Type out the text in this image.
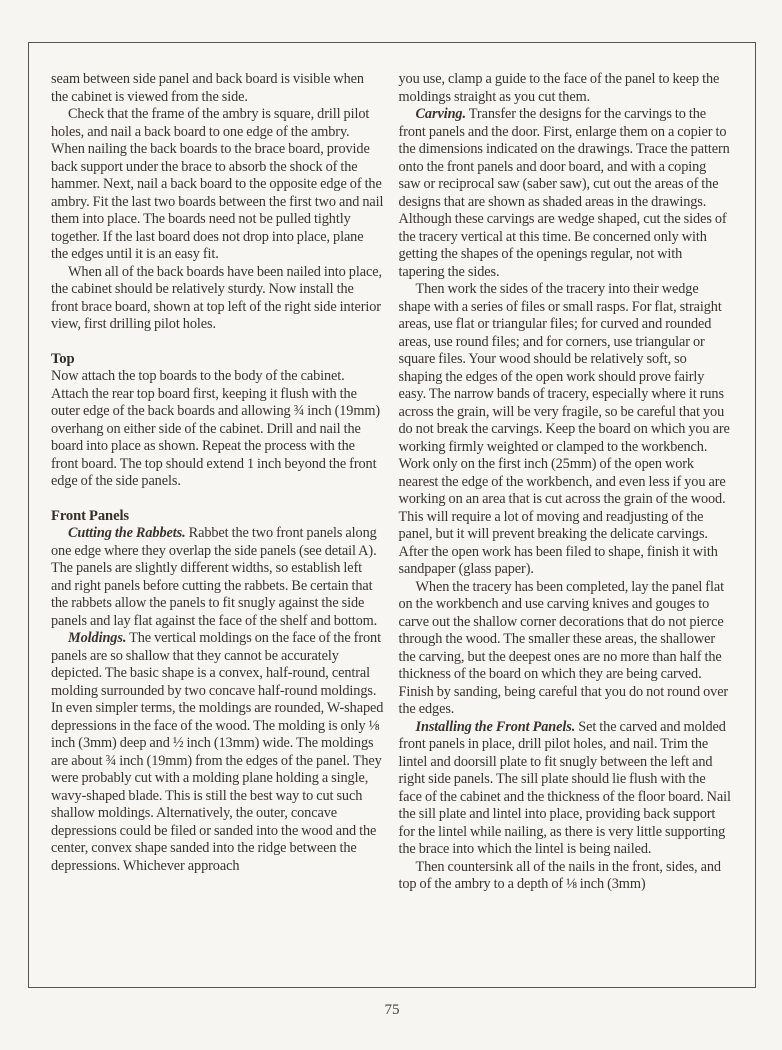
seam between side panel and back board is visible when the cabinet is viewed from the side.

Check that the frame of the ambry is square, drill pilot holes, and nail a back board to one edge of the ambry. When nailing the back boards to the brace board, provide back support under the brace to absorb the shock of the hammer. Next, nail a back board to the opposite edge of the ambry. Fit the last two boards between the first two and nail them into place. The boards need not be pulled tightly together. If the last board does not drop into place, plane the edges until it is an easy fit.

When all of the back boards have been nailed into place, the cabinet should be relatively sturdy. Now install the front brace board, shown at top left of the right side interior view, first drilling pilot holes.

Top

Now attach the top boards to the body of the cabinet. Attach the rear top board first, keeping it flush with the outer edge of the back boards and allowing ¾ inch (19mm) overhang on either side of the cabinet. Drill and nail the board into place as shown. Repeat the process with the front board. The top should extend 1 inch beyond the front edge of the side panels.

Front Panels

Cutting the Rabbets. Rabbet the two front panels along one edge where they overlap the side panels (see detail A). The panels are slightly different widths, so establish left and right panels before cutting the rabbets. Be certain that the rabbets allow the panels to fit snugly against the side panels and lay flat against the face of the shelf and bottom.

Moldings. The vertical moldings on the face of the front panels are so shallow that they cannot be accurately depicted. The basic shape is a convex, half-round, central molding surrounded by two concave half-round moldings. In even simpler terms, the moldings are rounded, W-shaped depressions in the face of the wood. The molding is only ⅛ inch (3mm) deep and ½ inch (13mm) wide. The moldings are about ¾ inch (19mm) from the edges of the panel. They were probably cut with a molding plane holding a single, wavy-shaped blade. This is still the best way to cut such shallow moldings. Alternatively, the outer, concave depressions could be filed or sanded into the wood and the center, convex shape sanded into the ridge between the depressions. Whichever approach

you use, clamp a guide to the face of the panel to keep the moldings straight as you cut them.

Carving. Transfer the designs for the carvings to the front panels and the door. First, enlarge them on a copier to the dimensions indicated on the drawings. Trace the pattern onto the front panels and door board, and with a coping saw or reciprocal saw (saber saw), cut out the areas of the designs that are shown as shaded areas in the drawings. Although these carvings are wedge shaped, cut the sides of the tracery vertical at this time. Be concerned only with getting the shapes of the openings regular, not with tapering the sides.

Then work the sides of the tracery into their wedge shape with a series of files or small rasps. For flat, straight areas, use flat or triangular files; for curved and rounded areas, use round files; and for corners, use triangular or square files. Your wood should be relatively soft, so shaping the edges of the open work should prove fairly easy. The narrow bands of tracery, especially where it runs across the grain, will be very fragile, so be careful that you do not break the carvings. Keep the board on which you are working firmly weighted or clamped to the workbench. Work only on the first inch (25mm) of the open work nearest the edge of the workbench, and even less if you are working on an area that is cut across the grain of the wood. This will require a lot of moving and readjusting of the panel, but it will prevent breaking the delicate carvings. After the open work has been filed to shape, finish it with sandpaper (glass paper).

When the tracery has been completed, lay the panel flat on the workbench and use carving knives and gouges to carve out the shallow corner decorations that do not pierce through the wood. The smaller these areas, the shallower the carving, but the deepest ones are no more than half the thickness of the board on which they are being carved. Finish by sanding, being careful that you do not round over the edges.

Installing the Front Panels. Set the carved and molded front panels in place, drill pilot holes, and nail. Trim the lintel and doorsill plate to fit snugly between the left and right side panels. The sill plate should lie flush with the face of the cabinet and the thickness of the floor board. Nail the sill plate and lintel into place, providing back support for the lintel while nailing, as there is very little supporting the brace into which the lintel is being nailed.

Then countersink all of the nails in the front, sides, and top of the ambry to a depth of ⅛ inch (3mm)

75
